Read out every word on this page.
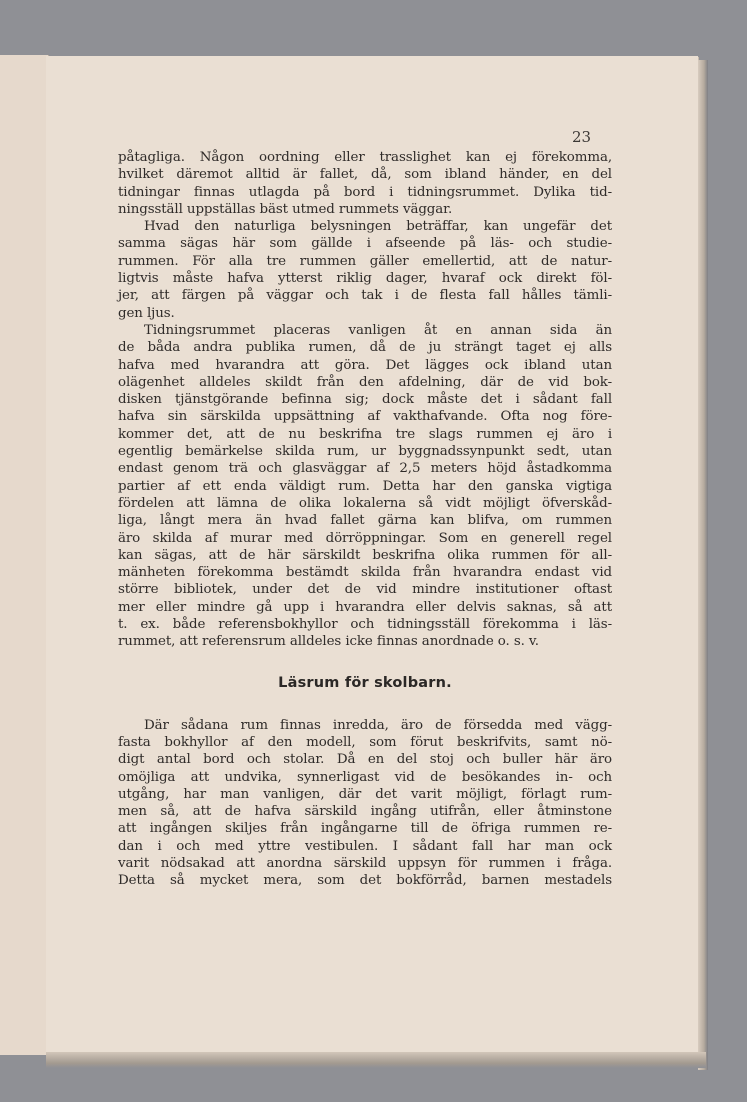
23
påtagliga. Någon oordning eller trasslighet kan ej förekomma,
hvilket däremot alltid är fallet, då, som ibland händer, en del
tidningar finnas utlagda på bord i tidningsrummet. Dylika tid-
ningsställ uppställas bäst utmed rummets väggar.
Hvad den naturliga belysningen beträffar, kan ungefär det
samma sägas här som gällde i afseende på läs- och studie-
rummen. För alla tre rummen gäller emellertid, att de natur-
ligtvis måste hafva ytterst riklig dager, hvaraf ock direkt föl-
jer, att färgen på väggar och tak i de flesta fall hålles tämli-
gen ljus.
Tidningsrummet placeras vanligen åt en annan sida än
de båda andra publika rumen, då de ju strängt taget ej alls
hafva med hvarandra att göra. Det lägges ock ibland utan
olägenhet alldeles skildt från den afdelning, där de vid bok-
disken tjänstgörande befinna sig; dock måste det i sådant fall
hafva sin särskilda uppsättning af vakthafvande. Ofta nog före-
kommer det, att de nu beskrifna tre slags rummen ej äro i
egentlig bemärkelse skilda rum, ur byggnadssynpunkt sedt, utan
endast genom trä och glasväggar af 2,5 meters höjd åstadkomma
partier af ett enda väldigt rum. Detta har den ganska vigtiga
fördelen att lämna de olika lokalerna så vidt möjligt öfverskåd-
liga, långt mera än hvad fallet gärna kan blifva, om rummen
äro skilda af murar med dörröppningar. Som en generell regel
kan sägas, att de här särskildt beskrifna olika rummen för all-
mänheten förekomma bestämdt skilda från hvarandra endast vid
större bibliotek, under det de vid mindre institutioner oftast
mer eller mindre gå upp i hvarandra eller delvis saknas, så att
t. ex. både referensbokhyllor och tidningsställ förekomma i läs-
rummet, att referensrum alldeles icke finnas anordnade o. s. v.
Läsrum för skolbarn.
Där sådana rum finnas inredda, äro de försedda med vägg-
fasta bokhyllor af den modell, som förut beskrifvits, samt nö-
digt antal bord och stolar. Då en del stoj och buller här äro
omöjliga att undvika, synnerligast vid de besökandes in- och
utgång, har man vanligen, där det varit möjligt, förlagt rum-
men så, att de hafva särskild ingång utifrån, eller åtminstone
att ingången skiljes från ingångarne till de öfriga rummen re-
dan i och med yttre vestibulen. I sådant fall har man ock
varit nödsakad att anordna särskild uppsyn för rummen i fråga.
Detta så mycket mera, som det bokförråd, barnen mestadels
